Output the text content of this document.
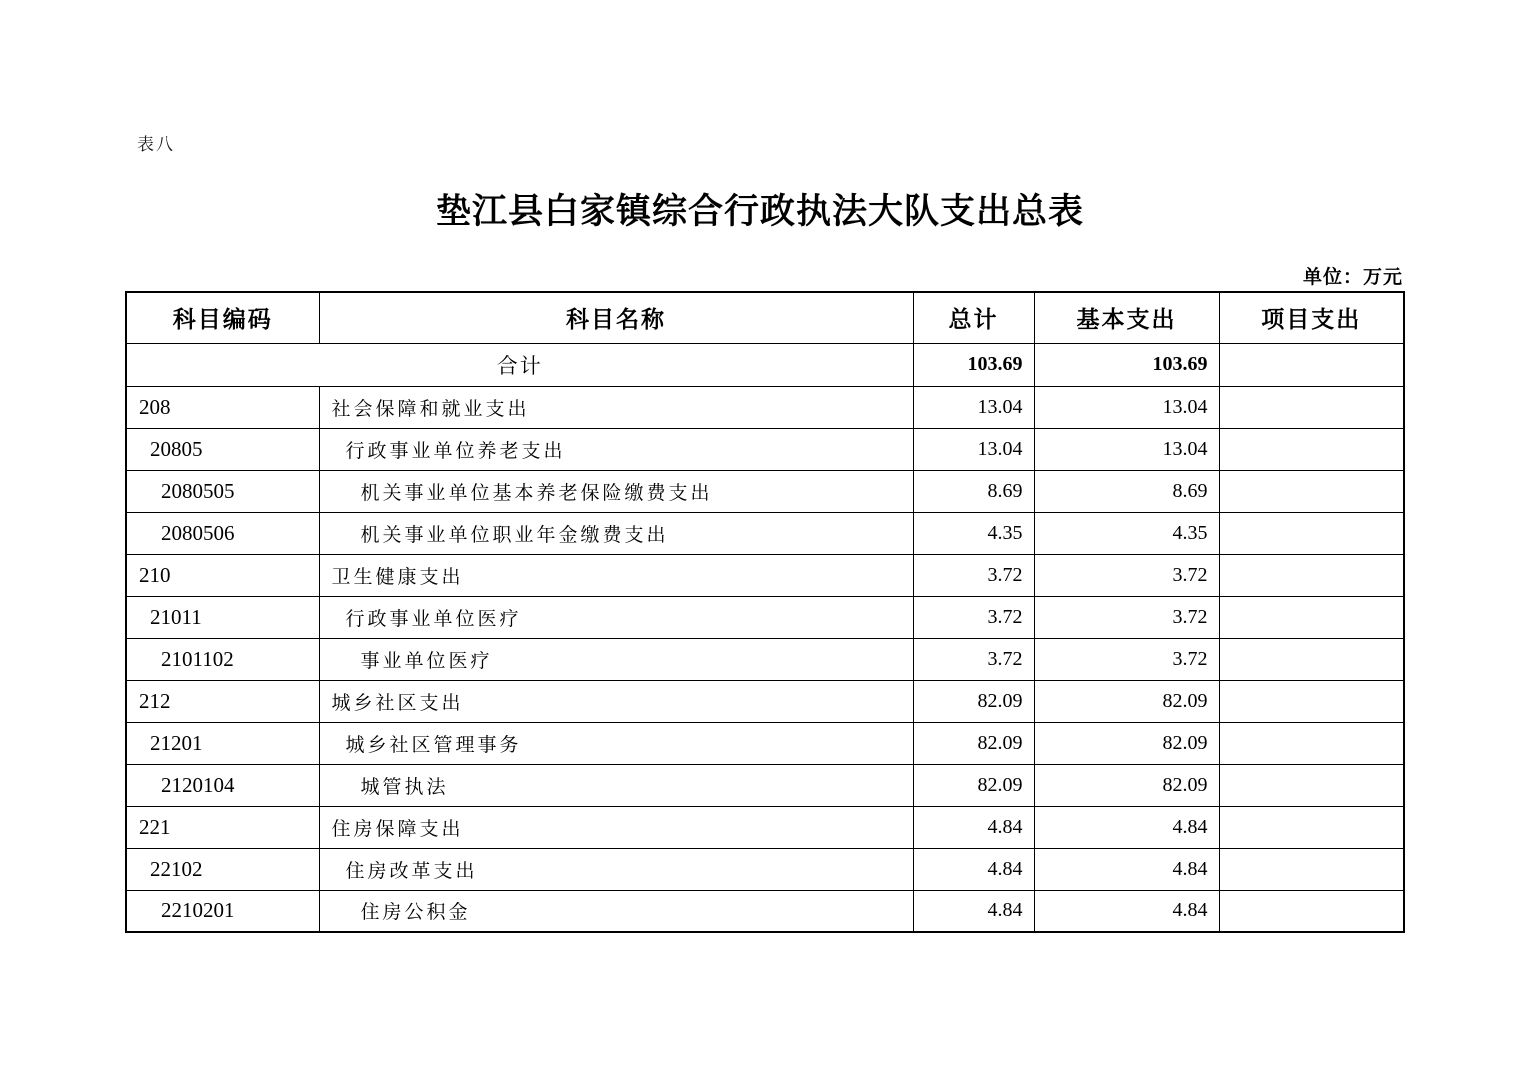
表八
垫江县白家镇综合行政执法大队支出总表
单位：万元
科目编码	科目名称	总计	基本支出	项目支出
合计		103.69	103.69	
208	社会保障和就业支出	13.04	13.04	
20805	行政事业单位养老支出	13.04	13.04	
2080505	机关事业单位基本养老保险缴费支出	8.69	8.69	
2080506	机关事业单位职业年金缴费支出	4.35	4.35	
210	卫生健康支出	3.72	3.72	
21011	行政事业单位医疗	3.72	3.72	
2101102	事业单位医疗	3.72	3.72	
212	城乡社区支出	82.09	82.09	
21201	城乡社区管理事务	82.09	82.09	
2120104	城管执法	82.09	82.09	
221	住房保障支出	4.84	4.84	
22102	住房改革支出	4.84	4.84	
2210201	住房公积金	4.84	4.84	
